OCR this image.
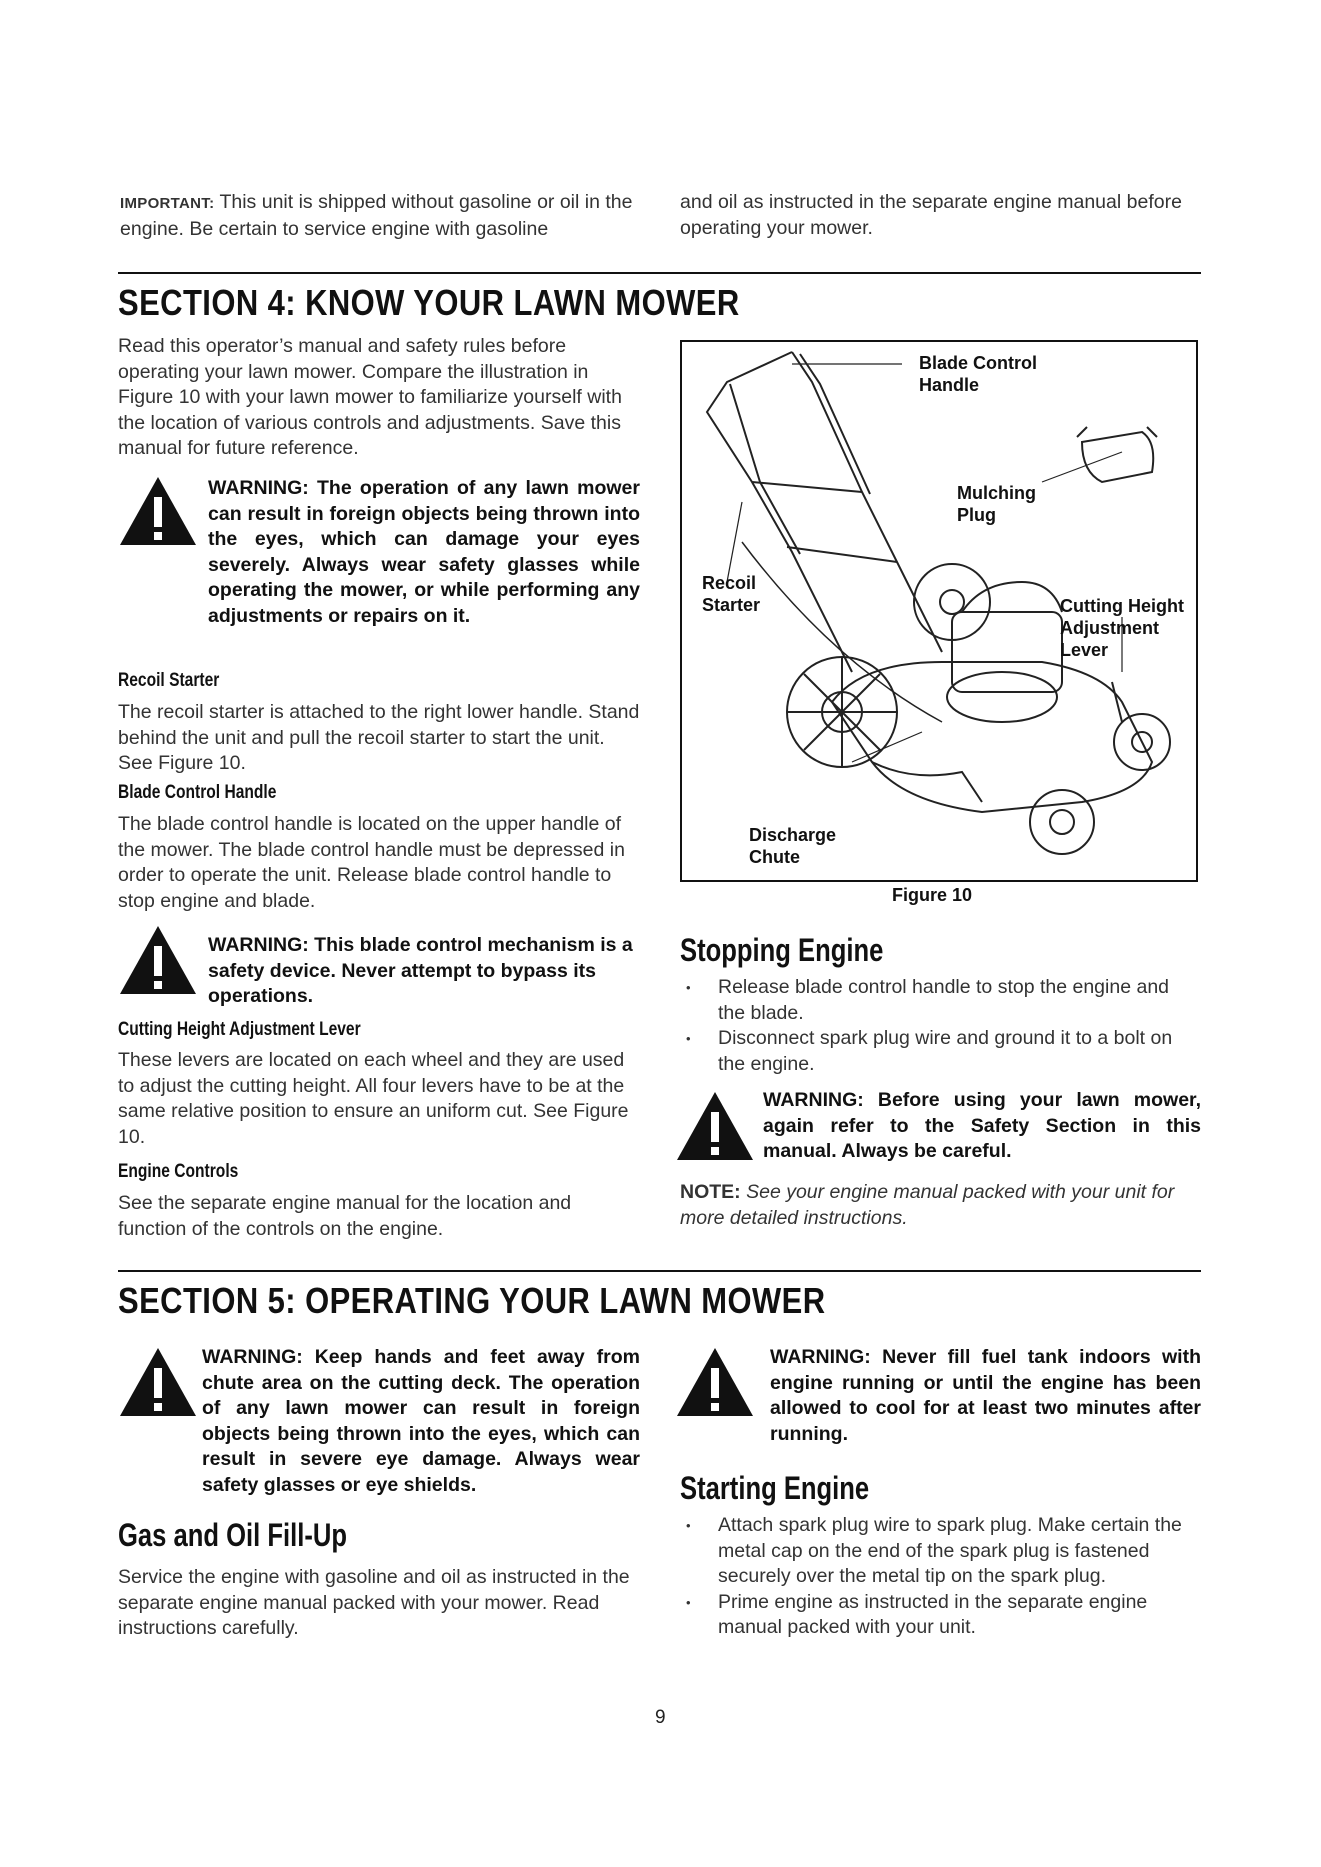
IMPORTANT: This unit is shipped without gasoline or oil in the engine. Be certain to service engine with gasoline
and oil as instructed in the separate engine manual before operating your mower.
SECTION 4: KNOW YOUR LAWN MOWER
Read this operator’s manual and safety rules before operating your lawn mower. Compare the illustration in Figure 10 with your lawn mower to familiarize yourself with the location of various controls and adjustments. Save this manual for future reference.
WARNING: The operation of any lawn mower can result in foreign objects being thrown into the eyes, which can damage your eyes severely. Always wear safety glasses while operating the mower, or while performing any adjustments or repairs on it.
Recoil Starter
The recoil starter is attached to the right lower handle. Stand behind the unit and pull the recoil starter to start the unit. See Figure 10.
Blade Control Handle
The blade control handle is located on the upper handle of the mower. The blade control handle must be depressed in order to operate the unit. Release blade control handle to stop engine and blade.
WARNING: This blade control mechanism is a safety device. Never attempt to bypass its operations.
Cutting Height Adjustment Lever
These levers are located on each wheel and they are used to adjust the cutting height. All four levers have to be at the same relative position to ensure an uniform cut. See Figure 10.
Engine Controls
See the separate engine manual for the location and function of the controls on the engine.
Blade Control
Handle
Mulching
Plug
Recoil
Starter	Cutting Height
Adjustment
Lever
Discharge
Chute
Figure 10
Stopping Engine
• Release blade control handle to stop the engine and the blade.
• Disconnect spark plug wire and ground it to a bolt on the engine.
WARNING: Before using your lawn mower, again refer to the Safety Section in this manual. Always be careful.
NOTE: See your engine manual packed with your unit for more detailed instructions.
SECTION 5: OPERATING YOUR LAWN MOWER
WARNING: Keep hands and feet away from chute area on the cutting deck. The operation of any lawn mower can result in foreign objects being thrown into the eyes, which can result in severe eye damage. Always wear safety glasses or eye shields.
WARNING: Never fill fuel tank indoors with engine running or until the engine has been allowed to cool for at least two minutes after running.
Gas and Oil Fill-Up
Service the engine with gasoline and oil as instructed in the separate engine manual packed with your mower. Read instructions carefully.
Starting Engine
• Attach spark plug wire to spark plug. Make certain the metal cap on the end of the spark plug is fastened securely over the metal tip on the spark plug.
• Prime engine as instructed in the separate engine manual packed with your unit.
9
